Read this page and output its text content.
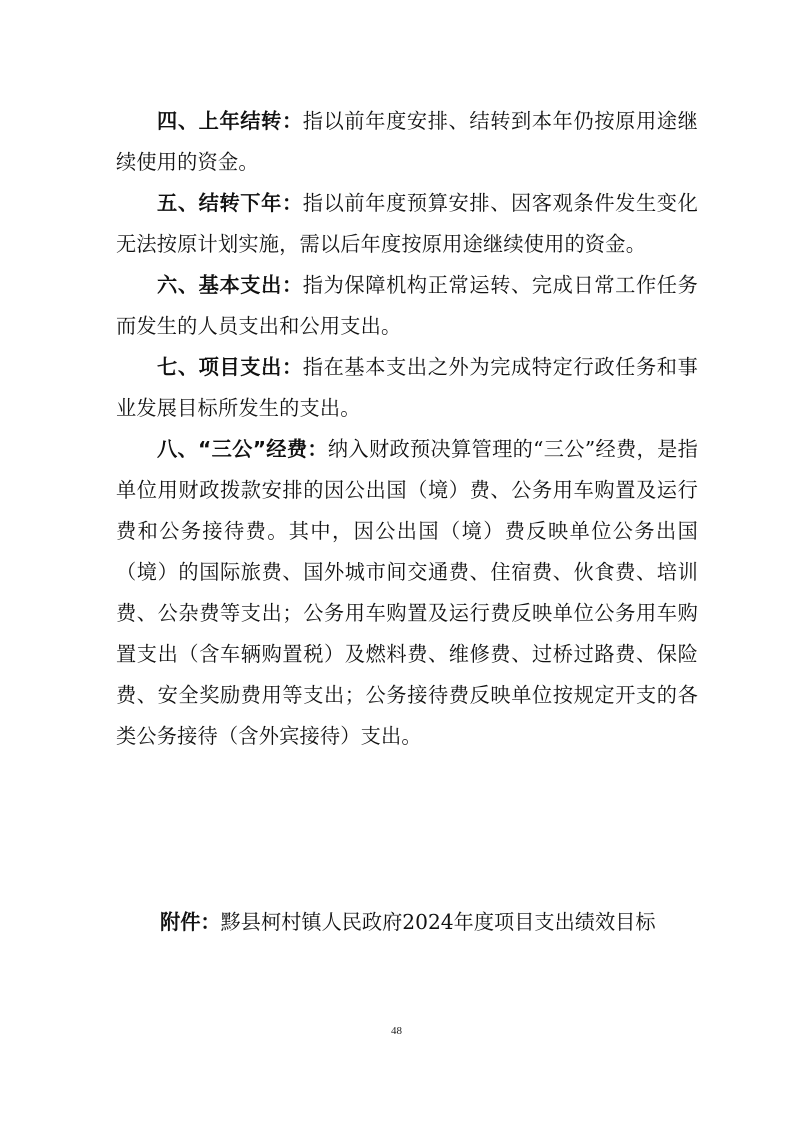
四、上年结转：指以前年度安排、结转到本年仍按原用途继续使用的资金。

五、结转下年：指以前年度预算安排、因客观条件发生变化无法按原计划实施，需以后年度按原用途继续使用的资金。

六、基本支出：指为保障机构正常运转、完成日常工作任务而发生的人员支出和公用支出。

七、项目支出：指在基本支出之外为完成特定行政任务和事业发展目标所发生的支出。

八、“三公”经费：纳入财政预决算管理的“三公”经费，是指单位用财政拨款安排的因公出国（境）费、公务用车购置及运行费和公务接待费。其中，因公出国（境）费反映单位公务出国（境）的国际旅费、国外城市间交通费、住宿费、伙食费、培训费、公杂费等支出；公务用车购置及运行费反映单位公务用车购置支出（含车辆购置税）及燃料费、维修费、过桥过路费、保险费、安全奖励费用等支出；公务接待费反映单位按规定开支的各类公务接待（含外宾接待）支出。

附件：黟县柯村镇人民政府2024年度项目支出绩效目标

48
